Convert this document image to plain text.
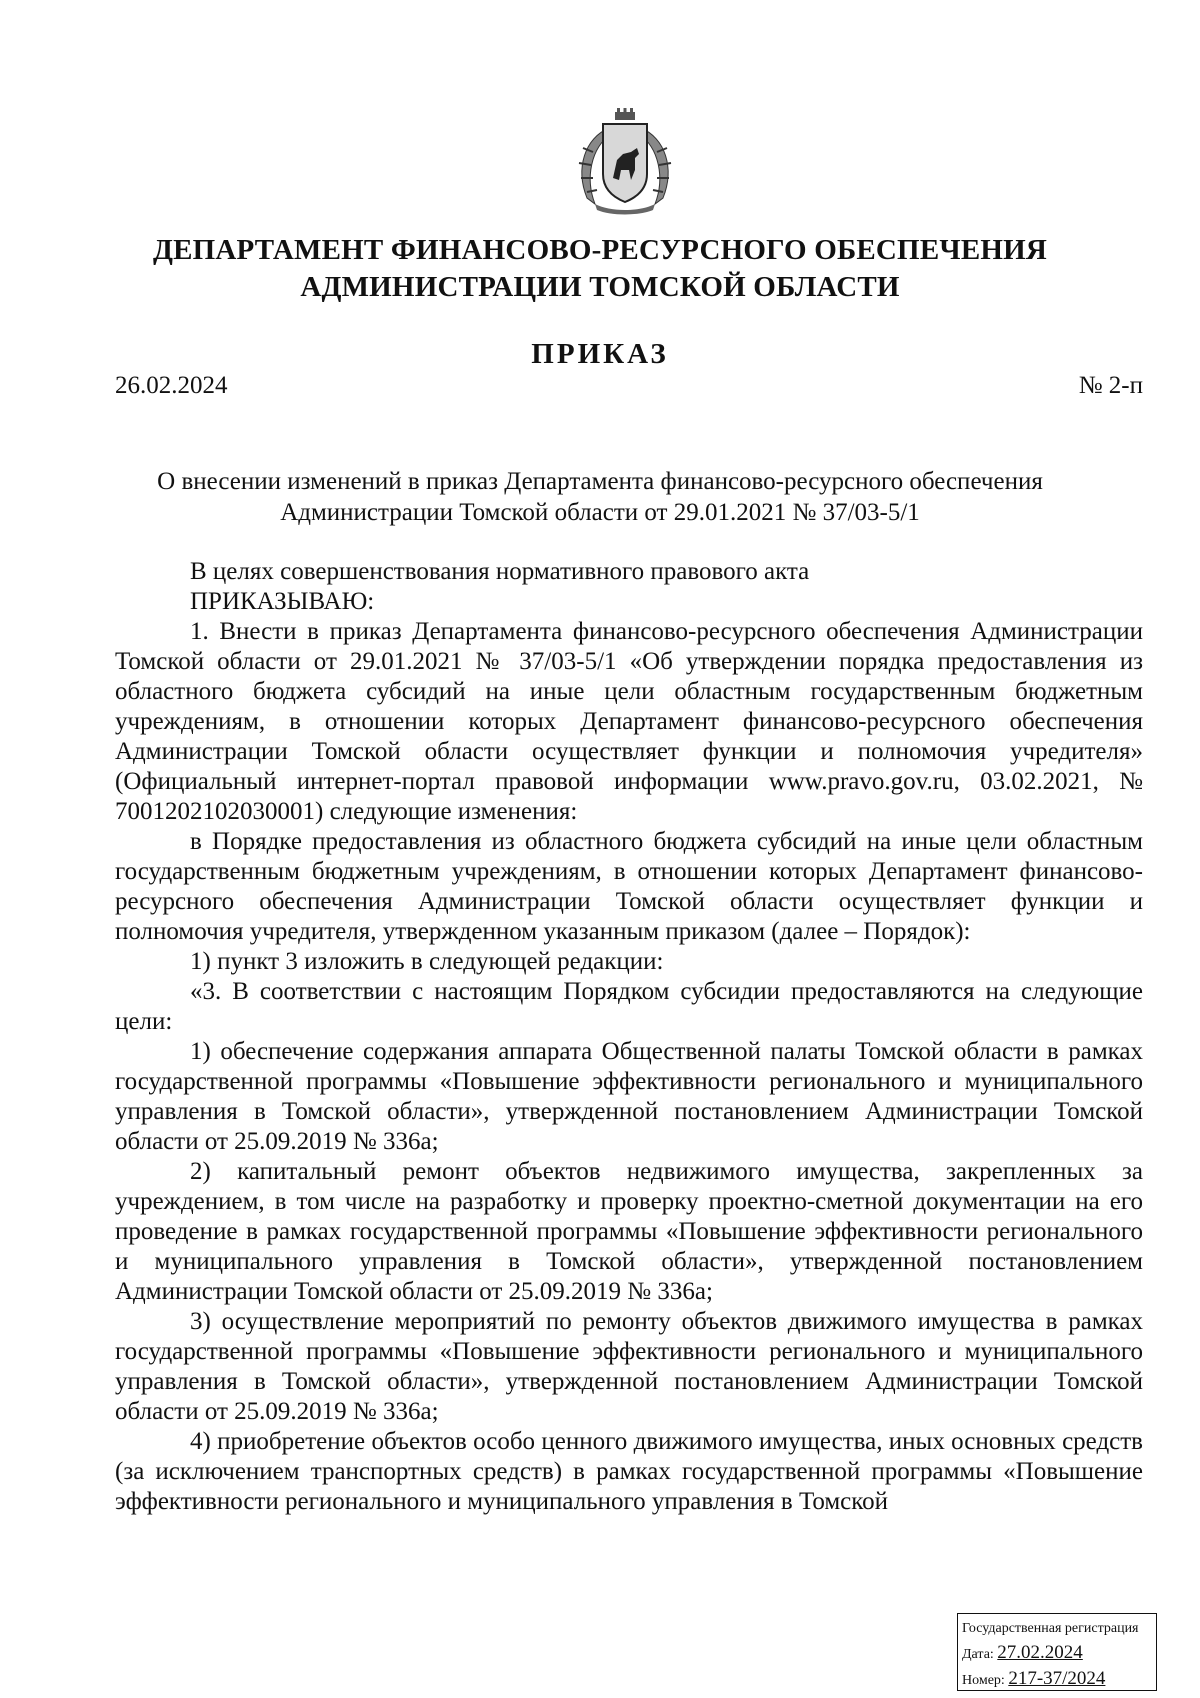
ДЕПАРТАМЕНТ ФИНАНСОВО-РЕСУРСНОГО ОБЕСПЕЧЕНИЯ
АДМИНИСТРАЦИИ ТОМСКОЙ ОБЛАСТИ
ПРИКАЗ
26.02.2024	№ 2-п
О внесении изменений в приказ Департамента финансово-ресурсного обеспечения
Администрации Томской области от 29.01.2021 № 37/03-5/1

В целях совершенствования нормативного правового акта

ПРИКАЗЫВАЮ:

1. Внести в приказ Департамента финансово-ресурсного обеспечения Администрации Томской области от 29.01.2021 № 37/03-5/1 «Об утверждении порядка предоставления из областного бюджета субсидий на иные цели областным государственным бюджетным учреждениям, в отношении которых Департамент финансово-ресурсного обеспечения Администрации Томской области осуществляет функции и полномочия учредителя» (Официальный интернет-портал правовой информации www.pravo.gov.ru, 03.02.2021, № 7001202102030001) следующие изменения:

в Порядке предоставления из областного бюджета субсидий на иные цели областным государственным бюджетным учреждениям, в отношении которых Департамент финансово-ресурсного обеспечения Администрации Томской области осуществляет функции и полномочия учредителя, утвержденном указанным приказом (далее – Порядок):

1) пункт 3 изложить в следующей редакции:

«3. В соответствии с настоящим Порядком субсидии предоставляются на следующие цели:

1) обеспечение содержания аппарата Общественной палаты Томской области в рамках государственной программы «Повышение эффективности регионального и муниципального управления в Томской области», утвержденной постановлением Администрации Томской области от 25.09.2019 № 336а;

2) капитальный ремонт объектов недвижимого имущества, закрепленных за учреждением, в том числе на разработку и проверку проектно-сметной документации на его проведение в рамках государственной программы «Повышение эффективности регионального и муниципального управления в Томской области», утвержденной постановлением Администрации Томской области от 25.09.2019 № 336а;

3) осуществление мероприятий по ремонту объектов движимого имущества в рамках государственной программы «Повышение эффективности регионального и муниципального управления в Томской области», утвержденной постановлением Администрации Томской области от 25.09.2019 № 336а;

4) приобретение объектов особо ценного движимого имущества, иных основных средств (за исключением транспортных средств) в рамках государственной программы «Повышение эффективности регионального и муниципального управления в Томской

Государственная регистрация
Дата: 27.02.2024
Номер: 217-37/2024
